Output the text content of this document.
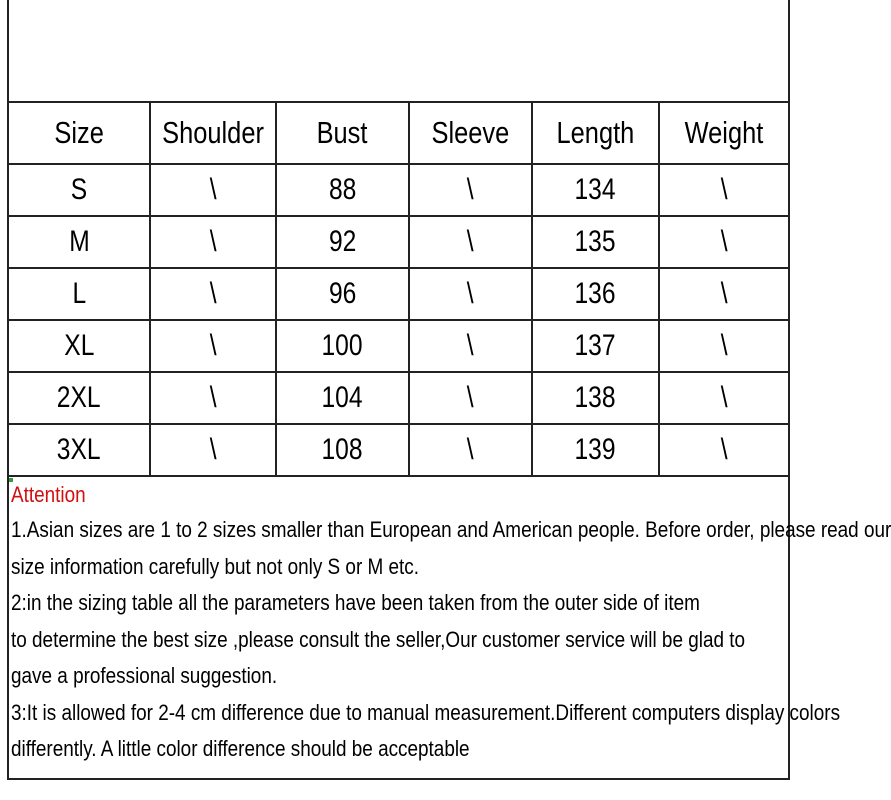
Size	Shoulder	Bust	Sleeve	Length	Weight
S	\	88	\	134	\
M	\	92	\	135	\
L	\	96	\	136	\
XL	\	100	\	137	\
2XL	\	104	\	138	\
3XL	\	108	\	139	\
Attention
1.Asian sizes are 1 to 2 sizes smaller than European and American people. Before order, please read our
size information carefully but not only S or M etc.
2:in the sizing table all the parameters have been taken from the outer side of item
to determine the best size ,please consult the seller,Our customer service will be glad to
gave a professional suggestion.
3:It is allowed for 2-4 cm difference due to manual measurement.Different computers display colors
differently. A little color difference should be acceptable
